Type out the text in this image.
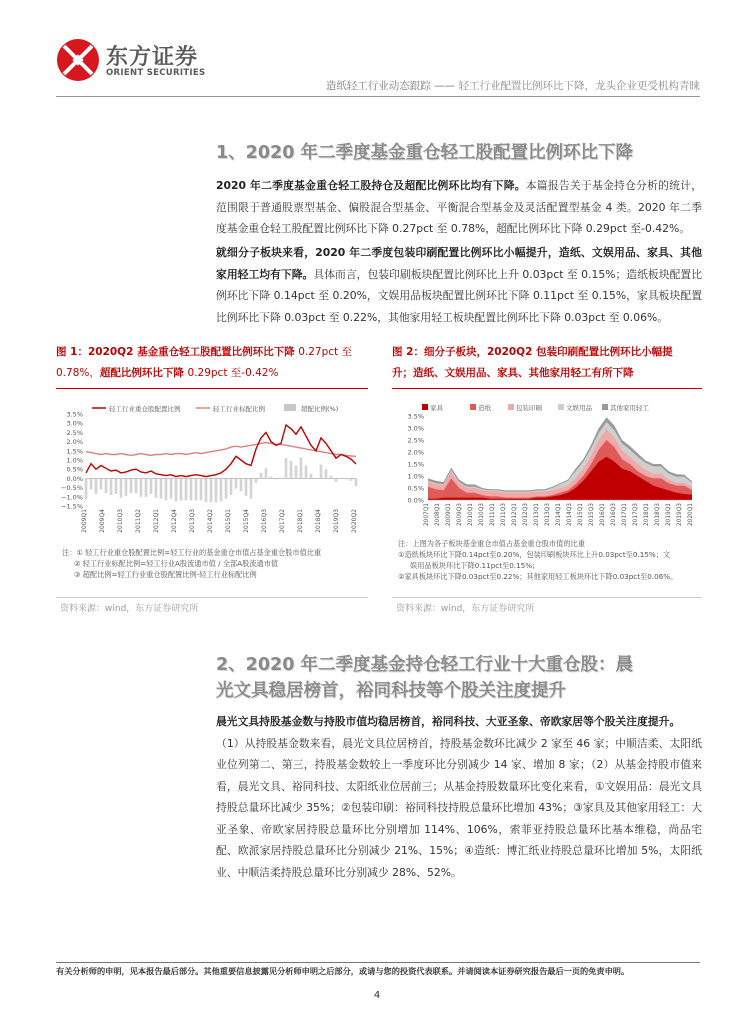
东方证券
ORIENT SECURITIES
造纸轻工行业动态跟踪 —— 轻工行业配置比例环比下降，龙头企业更受机构青睐
1、2020 年二季度基金重仓轻工股配置比例环比下降
2020 年二季度基金重仓轻工股持仓及超配比例环比均有下降。本篇报告关于基金持仓分析的统计，范围限于普通股票型基金、偏股混合型基金、平衡混合型基金及灵活配置型基金 4 类。2020 年二季度基金重仓轻工股配置比例环比下降 0.27pct 至 0.78%，超配比例环比下降 0.29pct 至-0.42%。
就细分子板块来看，2020 年二季度包装印刷配置比例环比小幅提升，造纸、文娱用品、家具、其他家用轻工均有下降。具体而言，包装印刷板块配置比例环比上升 0.03pct 至 0.15%；造纸板块配置比例环比下降 0.14pct 至 0.20%，文娱用品板块配置比例环比下降 0.11pct 至 0.15%，家具板块配置比例环比下降 0.03pct 至 0.22%，其他家用轻工板块配置比例环比下降 0.03pct 至 0.06%。
图 1：2020Q2 基金重仓轻工股配置比例环比下降 0.27pct 至
0.78%，超配比例环比下降 0.29pct 至-0.42%
轻工行业重仓股配置比例	轻工行业标配比例	超配比例(%)
3.5%
3.0%
2.5%
2.0%
1.5%
1.0%
0.5%
0.0%
−0.5%
−1.0%
−1.5%
2009Q1 2009Q4 2010Q3 2011Q2 2012Q1 2012Q4 2013Q3 2014Q2 2015Q1 2015Q4 2016Q3 2017Q2 2018Q1 2018Q4 2019Q3 2020Q2
注：① 轻工行业重仓股配置比例=轻工行业的基金重仓市值占基金重仓股市值比重
② 轻工行业标配比例=轻工行业A股流通市值 / 全部A股流通市值
③ 超配比例=轻工行业重仓股配置比例-轻工行业标配比例
资料来源：wind，东方证券研究所
图 2：细分子板块，2020Q2 包装印刷配置比例环比小幅提
升；造纸、文娱用品、家具、其他家用轻工有所下降
家具	造纸	包装印刷	文娱用品	其他家用轻工
3.5%
3.0%
2.5%
2.0%
1.5%
1.0%
0.5%
0.0%
2007Q1 2008Q1 2009Q1 2009Q3 2010Q1 2010Q3 2011Q1 2011Q3 2012Q1 2012Q3 2013Q1 2013Q3 2014Q1 2014Q3 2015Q1 2015Q3 2016Q1 2016Q3 2017Q1 2017Q3 2018Q1 2018Q3 2019Q1 2019Q3 2020Q1
注：上图为各子板块基金重仓市值占基金重仓股市值的比重
①造纸板块环比下降0.14pct至0.20%，包装印刷板块环比上升0.03pct至0.15%；文
娱用品板块环比下降0.11pct至0.15%；
②家具板块环比下降0.03pct至0.22%；其他家用轻工板块环比下降0.03pct至0.06%。
资料来源：wind，东方证券研究所
2、2020 年二季度基金持仓轻工行业十大重仓股：晨
光文具稳居榜首，裕同科技等个股关注度提升
晨光文具持股基金数与持股市值均稳居榜首，裕同科技、大亚圣象、帝欧家居等个股关注度提升。
（1）从持股基金数来看，晨光文具位居榜首，持股基金数环比减少 2 家至 46 家；中顺洁柔、太阳纸业位列第二、第三，持股基金数较上一季度环比分别减少 14 家、增加 8 家；（2）从基金持股市值来看，晨光文具、裕同科技、太阳纸业位居前三；从基金持股数量环比变化来看，①文娱用品：晨光文具持股总量环比减少 35%；②包装印刷：裕同科技持股总量环比增加 43%；③家具及其他家用轻工：大亚圣象、帝欧家居持股总量环比分别增加 114%、106%，索菲亚持股总量环比基本维稳，尚品宅配、欧派家居持股总量环比分别减少 21%、15%；④造纸：博汇纸业持股总量环比增加 5%，太阳纸业、中顺洁柔持股总量环比分别减少 28%、52%。
有关分析师的申明，见本报告最后部分。其他重要信息披露见分析师申明之后部分，或请与您的投资代表联系。并请阅读本证券研究报告最后一页的免责申明。
4
